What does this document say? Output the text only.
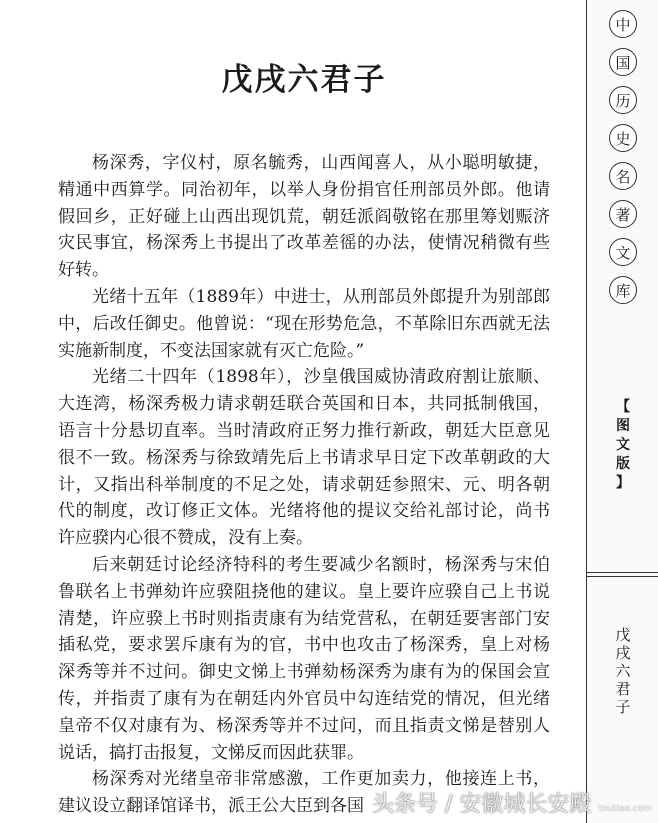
戊戌六君子

杨深秀，字仪村，原名毓秀，山西闻喜人，从小聪明敏捷，精通中西算学。同治初年，以举人身份捐官任刑部员外郎。他请假回乡，正好碰上山西出现饥荒，朝廷派阎敬铭在那里筹划赈济灾民事宜，杨深秀上书提出了改革差徭的办法，使情况稍微有些好转。

光绪十五年（1889年）中进士，从刑部员外郎提升为别部郎中，后改任御史。他曾说：“现在形势危急，不革除旧东西就无法实施新制度，不变法国家就有灭亡危险。”

光绪二十四年（1898年），沙皇俄国威协清政府割让旅顺、大连湾，杨深秀极力请求朝廷联合英国和日本，共同抵制俄国，语言十分悬切直率。当时清政府正努力推行新政，朝廷大臣意见很不一致。杨深秀与徐致靖先后上书请求早日定下改革朝政的大计，又指出科举制度的不足之处，请求朝廷参照宋、元、明各朝代的制度，改订修正文体。光绪将他的提议交给礼部讨论，尚书许应骙内心很不赞成，没有上奏。

后来朝廷讨论经济特科的考生要减少名额时，杨深秀与宋伯鲁联名上书弹劾许应骙阻挠他的建议。皇上要许应骙自己上书说清楚，许应骙上书时则指责康有为结党营私，在朝廷要害部门安插私党，要求罢斥康有为的官，书中也攻击了杨深秀，皇上对杨深秀等并不过问。御史文悌上书弹劾杨深秀为康有为的保国会宣传，并指责了康有为在朝廷内外官员中勾连结党的情况，但光绪皇帝不仅对康有为、杨深秀等并不过问，而且指责文悌是替别人说话，搞打击报复，文悌反而因此获罪。

杨深秀对光绪皇帝非常感激，工作更加卖力，他接连上书，建议设立翻译馆译书，派王公大臣到各国

中
国
历
史
名
著
文
库
【
图
文
版
】
戊
戌
六
君
子
头条号 / 安徽城长安殿 toutiao.com
